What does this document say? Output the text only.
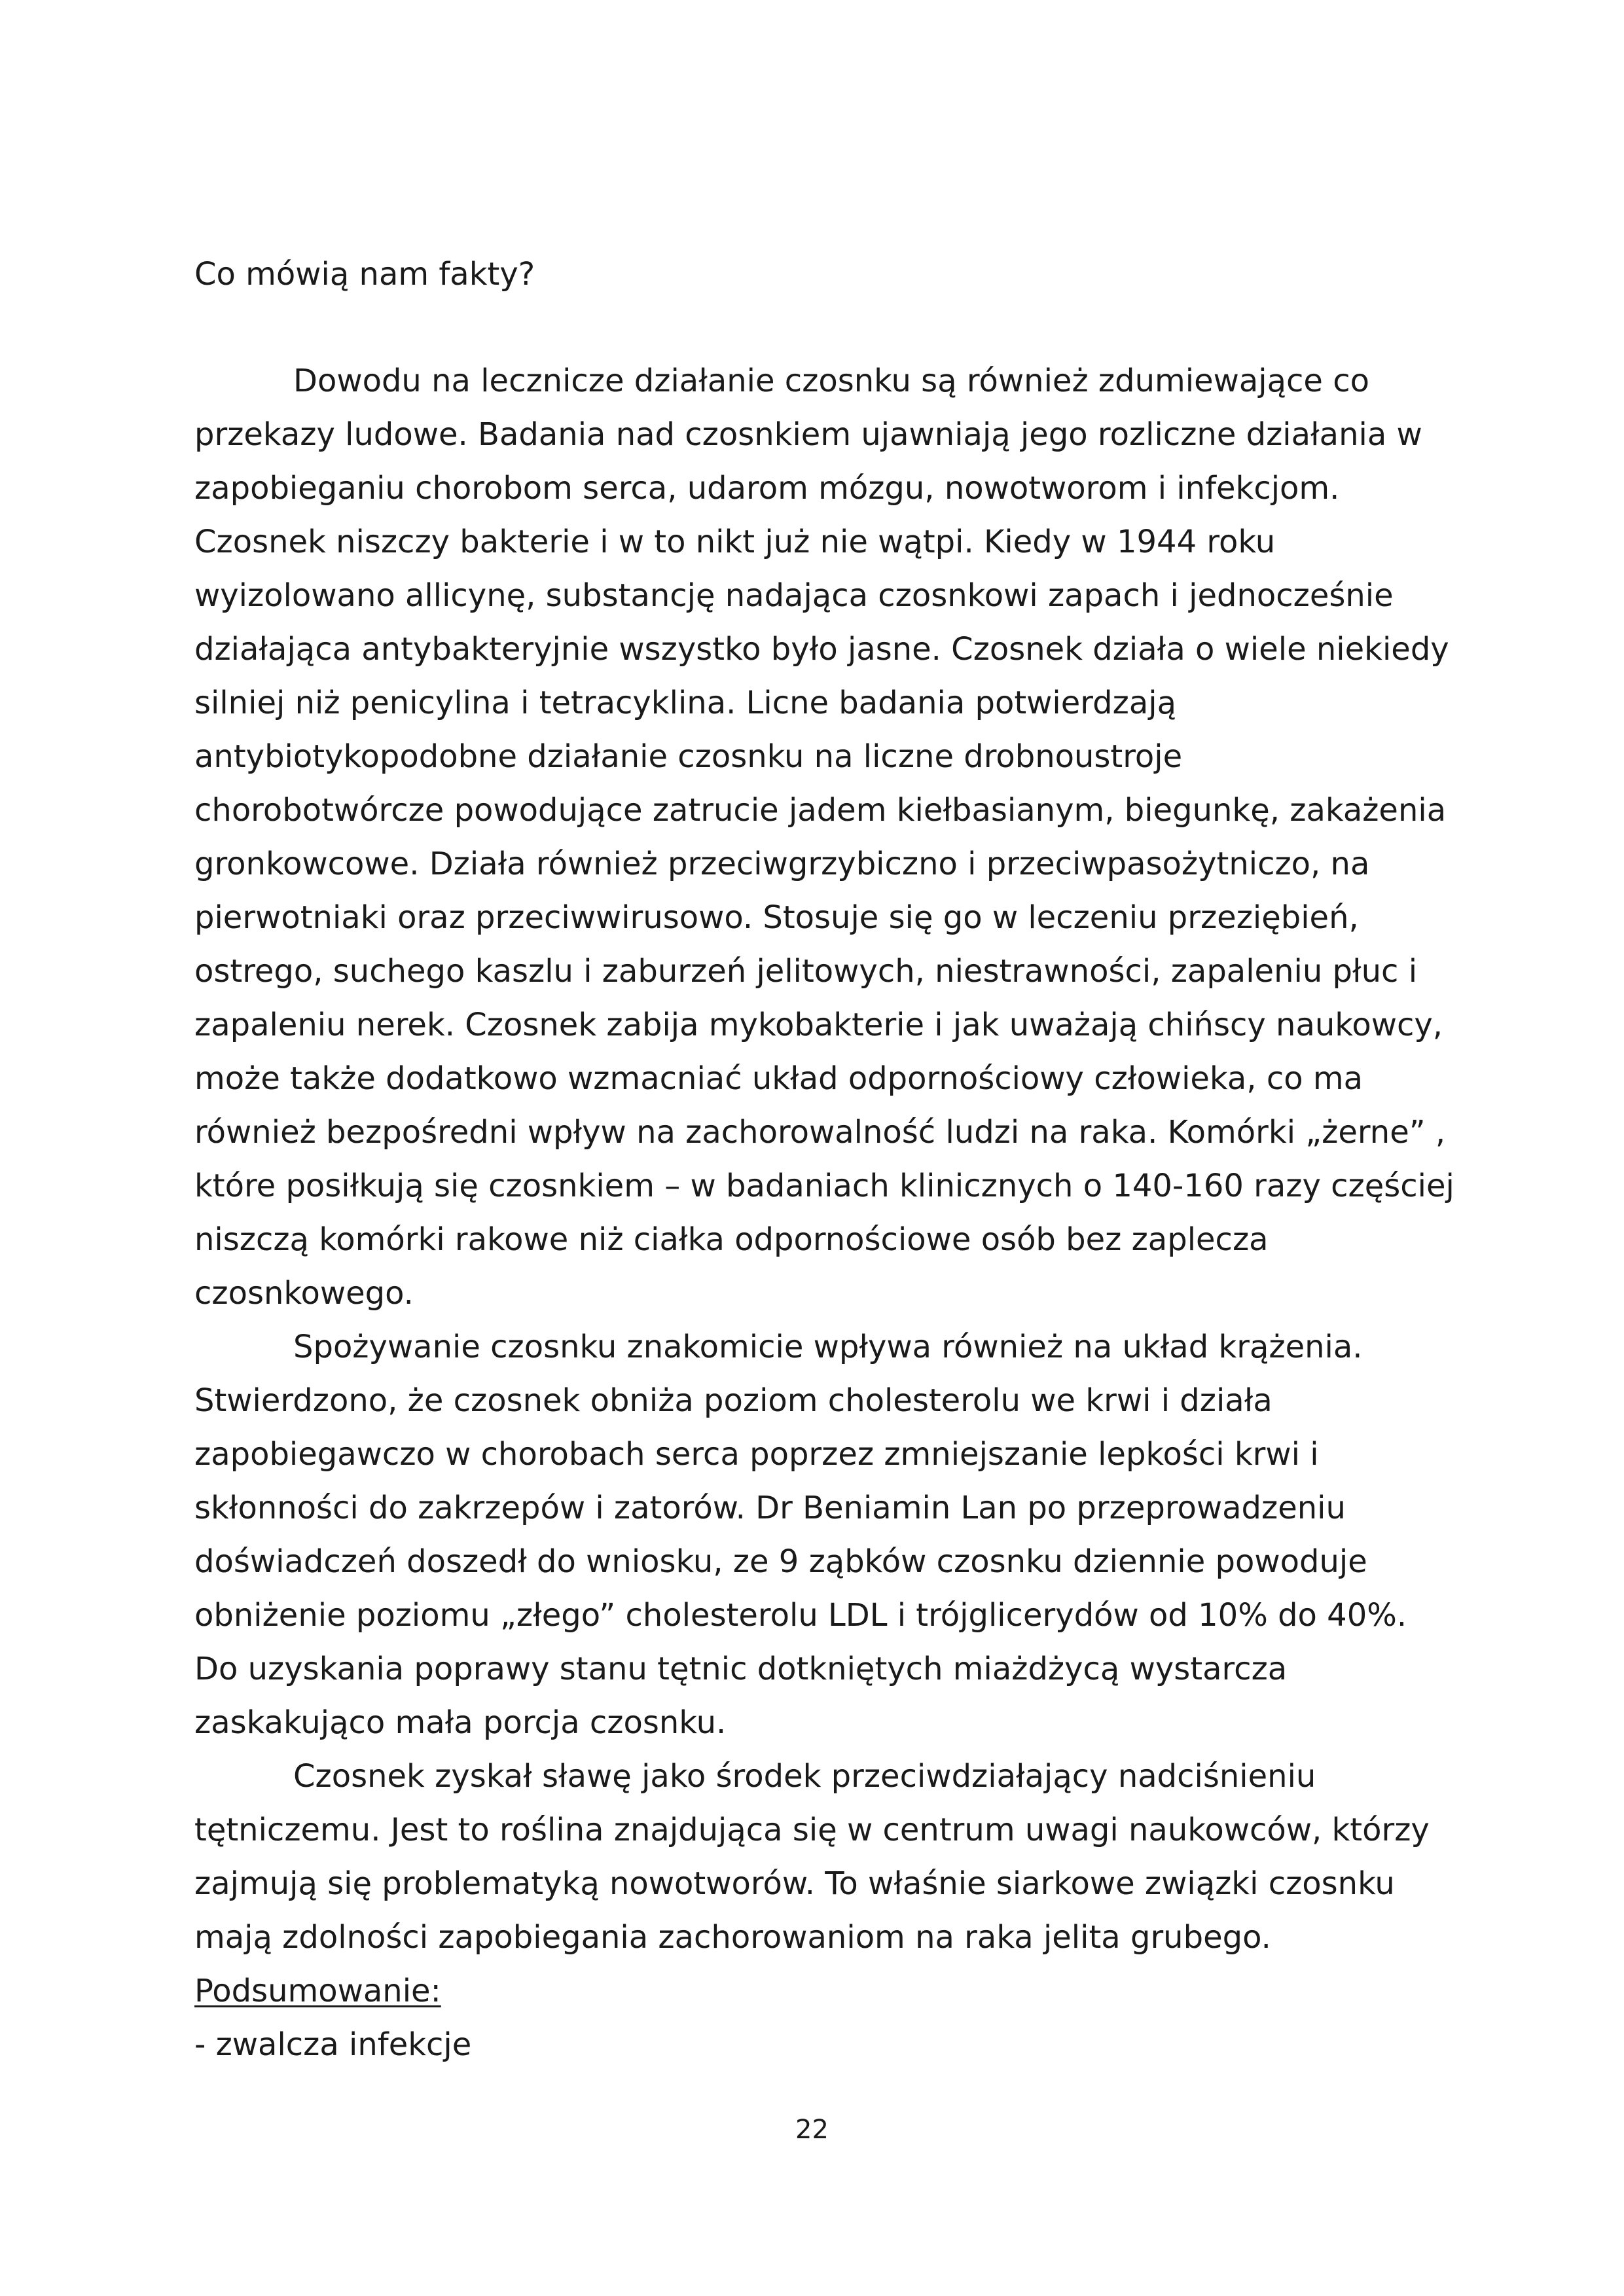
Co mówią nam fakty?
Dowodu na lecznicze działanie czosnku są również zdumiewające co
przekazy ludowe. Badania nad czosnkiem ujawniają jego rozliczne działania w
zapobieganiu chorobom serca, udarom mózgu, nowotworom i infekcjom.
Czosnek niszczy bakterie i w to nikt już nie wątpi. Kiedy w 1944 roku
wyizolowano allicynę, substancję nadająca czosnkowi zapach i jednocześnie
działająca antybakteryjnie wszystko było jasne. Czosnek działa o wiele niekiedy
silniej niż penicylina i tetracyklina. Licne badania potwierdzają
antybiotykopodobne działanie czosnku na liczne drobnoustroje
chorobotwórcze powodujące zatrucie jadem kiełbasianym, biegunkę, zakażenia
gronkowcowe. Działa również przeciwgrzybiczno i przeciwpasożytniczo, na
pierwotniaki oraz przeciwwirusowo. Stosuje się go w leczeniu przeziębień,
ostrego, suchego kaszlu i zaburzeń jelitowych, niestrawności, zapaleniu płuc i
zapaleniu nerek. Czosnek zabija mykobakterie i jak uważają chińscy naukowcy,
może także dodatkowo wzmacniać układ odpornościowy człowieka, co ma
również bezpośredni wpływ na zachorowalność ludzi na raka. Komórki „żerne” ,
które posiłkują się czosnkiem – w badaniach klinicznych o 140-160 razy częściej
niszczą komórki rakowe niż ciałka odpornościowe osób bez zaplecza
czosnkowego.
Spożywanie czosnku znakomicie wpływa również na układ krążenia.
Stwierdzono, że czosnek obniża poziom cholesterolu we krwi i działa
zapobiegawczo w chorobach serca poprzez zmniejszanie lepkości krwi i
skłonności do zakrzepów i zatorów. Dr Beniamin Lan po przeprowadzeniu
doświadczeń doszedł do wniosku, ze 9 ząbków czosnku dziennie powoduje
obniżenie poziomu „złego” cholesterolu LDL i trójglicerydów od 10% do 40%.
Do uzyskania poprawy stanu tętnic dotkniętych miażdżycą wystarcza
zaskakująco mała porcja czosnku.
Czosnek zyskał sławę jako środek przeciwdziałający nadciśnieniu
tętniczemu. Jest to roślina znajdująca się w centrum uwagi naukowców, którzy
zajmują się problematyką nowotworów. To właśnie siarkowe związki czosnku
mają zdolności zapobiegania zachorowaniom na raka jelita grubego.
Podsumowanie:
- zwalcza infekcje
22
